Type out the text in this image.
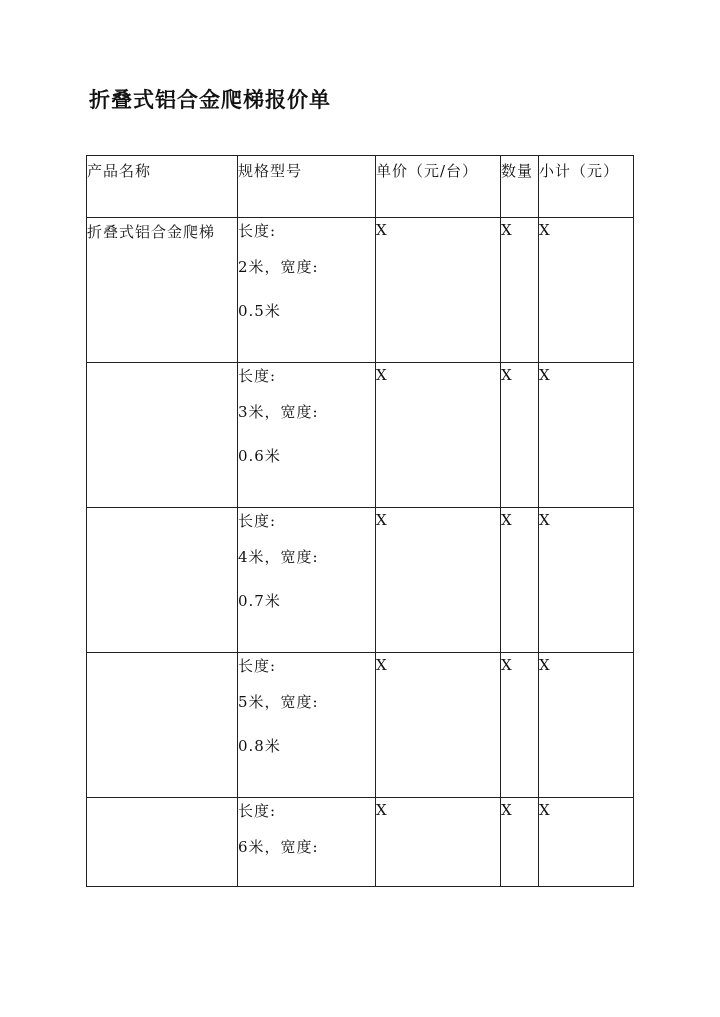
折叠式铝合金爬梯报价单
产品名称	规格型号	单价（元/台）	数量	小计（元）
折叠式铝合金爬梯	长度:
2米，宽度:
0.5米	X	X	X

	长度:
3米，宽度:
0.6米	X	X	X

	长度:
4米，宽度:
0.7米	X	X	X

	长度:
5米，宽度:
0.8米	X	X	X

	长度:
6米，宽度:	X	X	X
